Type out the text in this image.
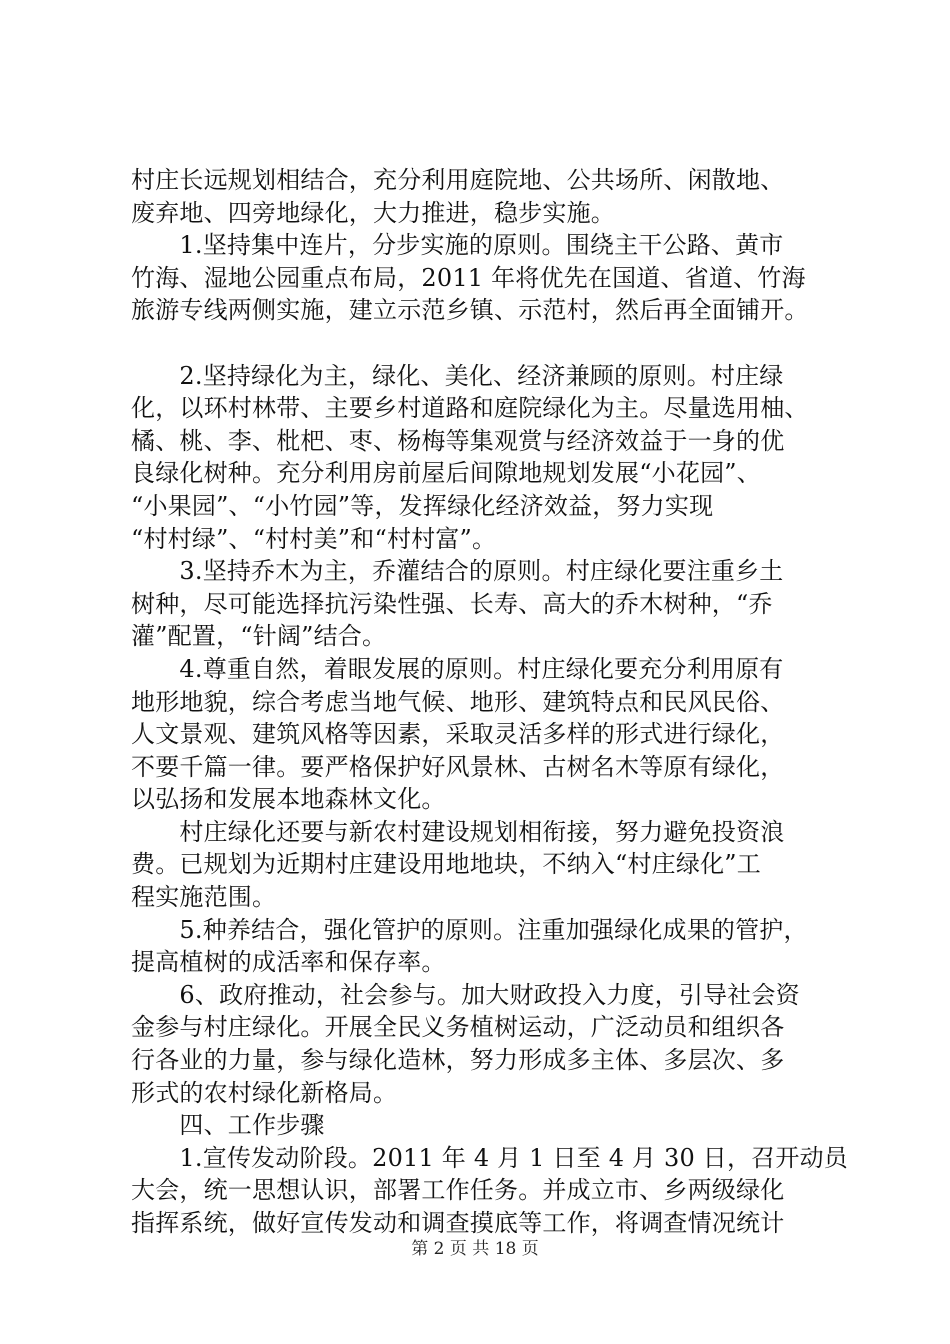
村庄长远规划相结合，充分利用庭院地、公共场所、闲散地、
废弃地、四旁地绿化，大力推进，稳步实施。
　　1.坚持集中连片，分步实施的原则。围绕主干公路、黄市
竹海、湿地公园重点布局，2011 年将优先在国道、省道、竹海
旅游专线两侧实施，建立示范乡镇、示范村，然后再全面铺开。
　　2.坚持绿化为主，绿化、美化、经济兼顾的原则。村庄绿
化，以环村林带、主要乡村道路和庭院绿化为主。尽量选用柚、
橘、桃、李、枇杷、枣、杨梅等集观赏与经济效益于一身的优
良绿化树种。充分利用房前屋后间隙地规划发展“小花园”、
“小果园”、“小竹园”等，发挥绿化经济效益，努力实现
“村村绿”、“村村美”和“村村富”。
　　3.坚持乔木为主，乔灌结合的原则。村庄绿化要注重乡土
树种，尽可能选择抗污染性强、长寿、高大的乔木树种，“乔
灌”配置，“针阔”结合。
　　4.尊重自然，着眼发展的原则。村庄绿化要充分利用原有
地形地貌，综合考虑当地气候、地形、建筑特点和民风民俗、
人文景观、建筑风格等因素，采取灵活多样的形式进行绿化，
不要千篇一律。要严格保护好风景林、古树名木等原有绿化，
以弘扬和发展本地森林文化。
　　村庄绿化还要与新农村建设规划相衔接，努力避免投资浪
费。已规划为近期村庄建设用地地块，不纳入“村庄绿化”工
程实施范围。
　　5.种养结合，强化管护的原则。注重加强绿化成果的管护，
提高植树的成活率和保存率。
　　6、政府推动，社会参与。加大财政投入力度，引导社会资
金参与村庄绿化。开展全民义务植树运动，广泛动员和组织各
行各业的力量，参与绿化造林，努力形成多主体、多层次、多
形式的农村绿化新格局。
　　四、工作步骤
　　1.宣传发动阶段。2011 年 4 月 1 日至 4 月 30 日，召开动员
大会，统一思想认识，部署工作任务。并成立市、乡两级绿化
指挥系统，做好宣传发动和调查摸底等工作，将调查情况统计
第 2 页 共 18 页
